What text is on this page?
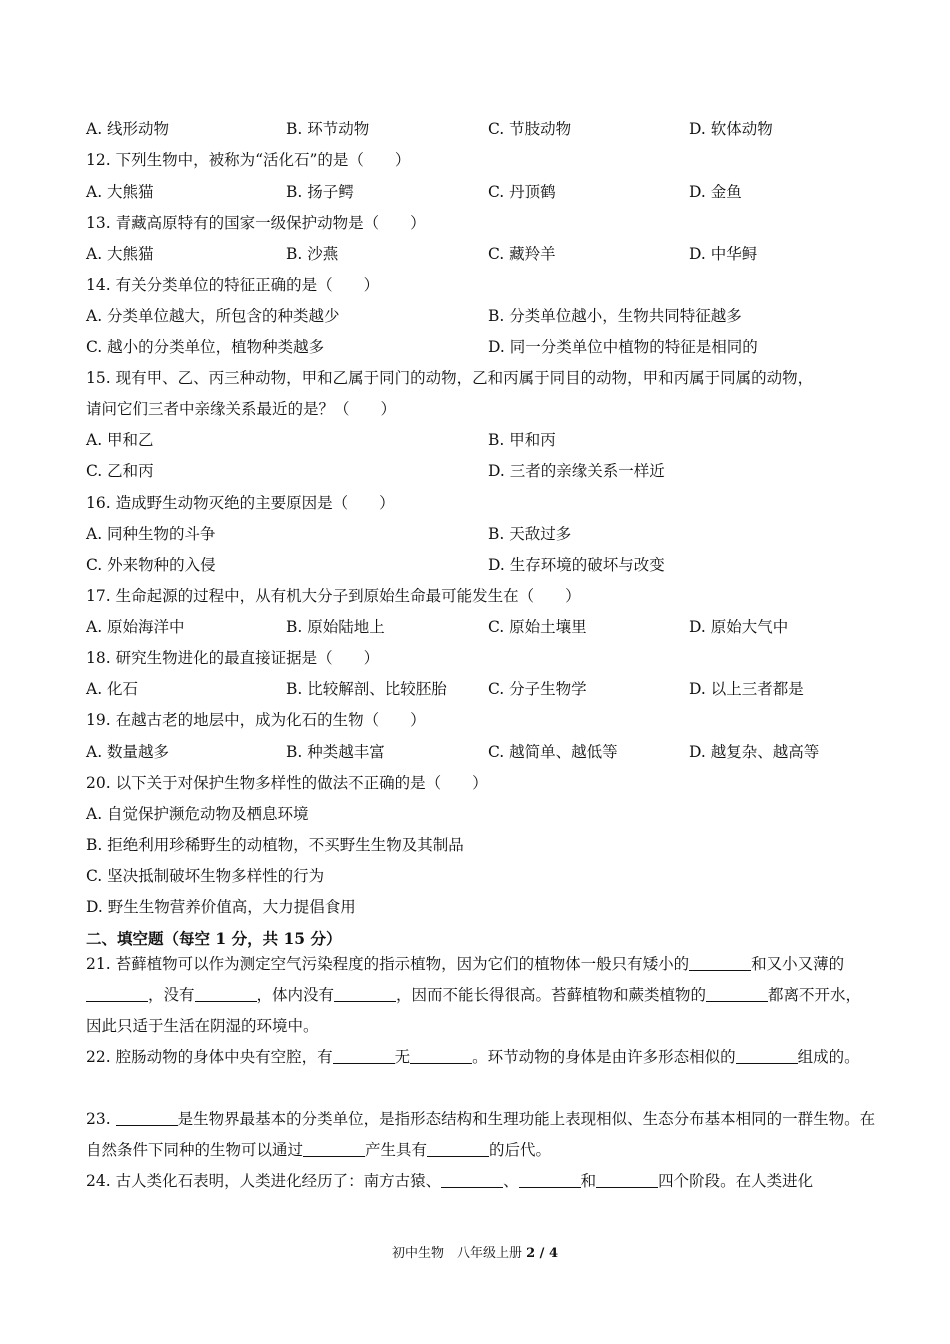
A. 线形动物	B. 环节动物	C. 节肢动物	D. 软体动物
12. 下列生物中，被称为“活化石”的是（　　）
A. 大熊猫	B. 扬子鳄	C. 丹顶鹤	D. 金鱼
13. 青藏高原特有的国家一级保护动物是（　　）
A. 大熊猫	B. 沙燕	C. 藏羚羊	D. 中华鲟
14. 有关分类单位的特征正确的是（　　）
A. 分类单位越大，所包含的种类越少	B. 分类单位越小，生物共同特征越多
C. 越小的分类单位，植物种类越多	D. 同一分类单位中植物的特征是相同的
15. 现有甲、乙、丙三种动物，甲和乙属于同门的动物，乙和丙属于同目的动物，甲和丙属于同属的动物，
请问它们三者中亲缘关系最近的是？（　　）
A. 甲和乙	B. 甲和丙
C. 乙和丙	D. 三者的亲缘关系一样近
16. 造成野生动物灭绝的主要原因是（　　）
A. 同种生物的斗争	B. 天敌过多
C. 外来物种的入侵	D. 生存环境的破坏与改变
17. 生命起源的过程中，从有机大分子到原始生命最可能发生在（　　）
A. 原始海洋中	B. 原始陆地上	C. 原始土壤里	D. 原始大气中
18. 研究生物进化的最直接证据是（　　）
A. 化石	B. 比较解剖、比较胚胎	C. 分子生物学	D. 以上三者都是
19. 在越古老的地层中，成为化石的生物（　　）
A. 数量越多	B. 种类越丰富	C. 越简单、越低等	D. 越复杂、越高等
20. 以下关于对保护生物多样性的做法不正确的是（　　）
A. 自觉保护濒危动物及栖息环境
B. 拒绝利用珍稀野生的动植物，不买野生生物及其制品
C. 坚决抵制破坏生物多样性的行为
D. 野生生物营养价值高，大力提倡食用
二、填空题（每空 1 分，共 15 分）
21. 苔藓植物可以作为测定空气污染程度的指示植物，因为它们的植物体一般只有矮小的	和又小又薄的，没有	，体内没有	，因而不能长得很高。苔藓植物和蕨类植物的	都离不开水，因此只适于生活在阴湿的环境中。
22. 腔肠动物的身体中央有空腔，有	无	。环节动物的身体是由许多形态相似的	组成的。
23.	是生物界最基本的分类单位，是指形态结构和生理功能上表现相似、生态分布基本相同的一群生物。在自然条件下同种的生物可以通过	产生具有	的后代。
24. 古人类化石表明，人类进化经历了：南方古猿、	、	和	四个阶段。在人类进化
初中生物　八年级上册 2 / 4
